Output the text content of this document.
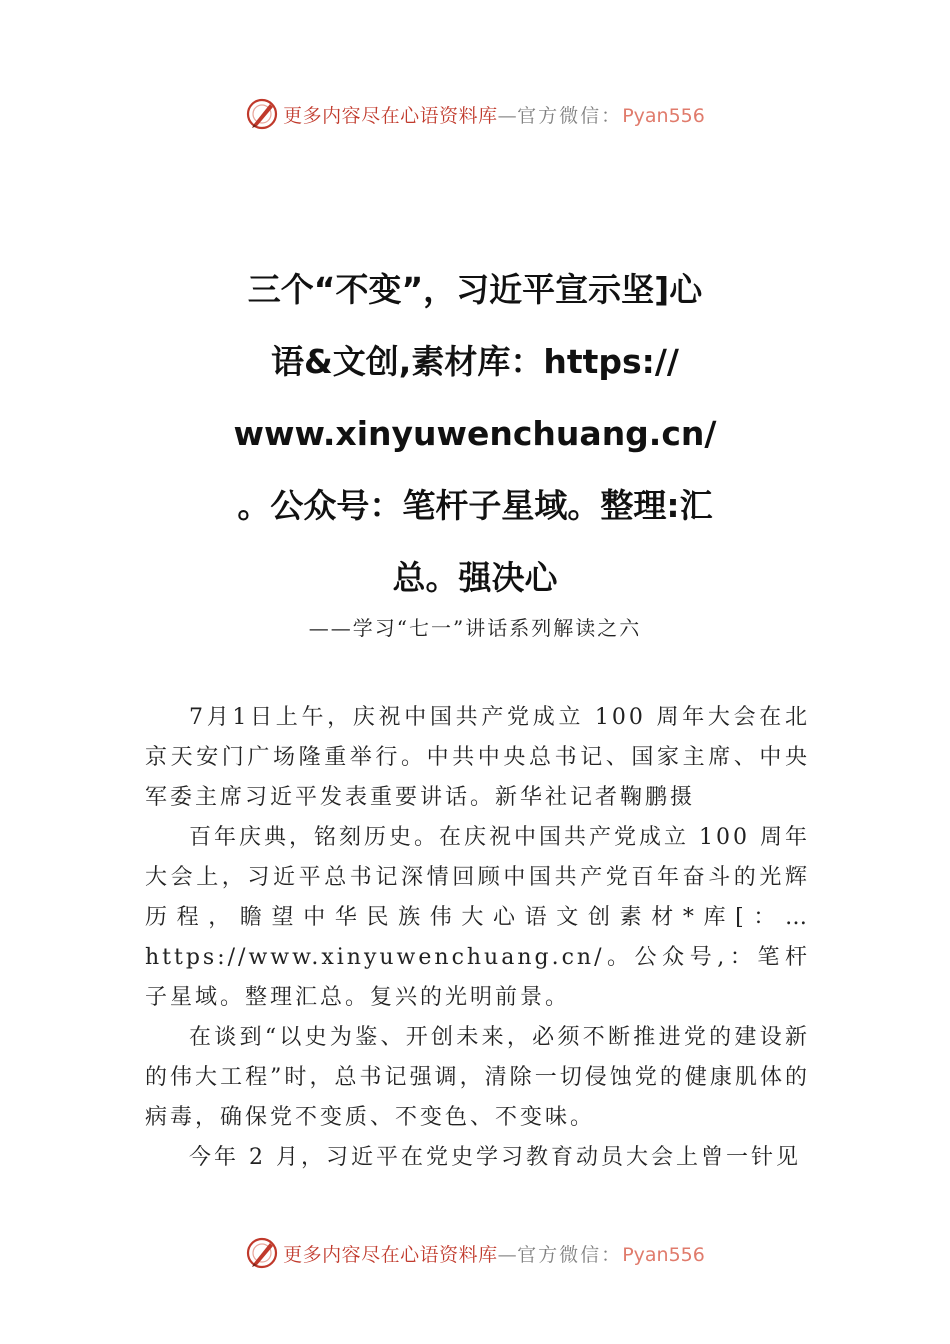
更多内容尽在心语资料库—官方微信：Pyan556
三个“不变”，习近平宣示坚]心
语&文创,素材库：https://
www.xinyuwenchuang.cn/
。公众号：笔杆子星域。整理:汇
总。强决心
——学习“七一”讲话系列解读之六

7月1日上午，庆祝中国共产党成立 100 周年大会在北京天安门广场隆重举行。中共中央总书记、国家主席、中央军委主席习近平发表重要讲话。新华社记者鞠鹏摄

百年庆典，铭刻历史。在庆祝中国共产党成立 100 周年大会上，习近平总书记深情回顾中国共产党百年奋斗的光辉历程，瞻望中华民族伟大心语文创素材*库[：…https://www.xinyuwenchuang.cn/。公众号,：笔杆子星域。整理汇总。复兴的光明前景。

在谈到“以史为鉴、开创未来，必须不断推进党的建设新的伟大工程”时，总书记强调，清除一切侵蚀党的健康肌体的病毒，确保党不变质、不变色、不变味。

今年 2 月，习近平在党史学习教育动员大会上曾一针见

更多内容尽在心语资料库—官方微信：Pyan556
